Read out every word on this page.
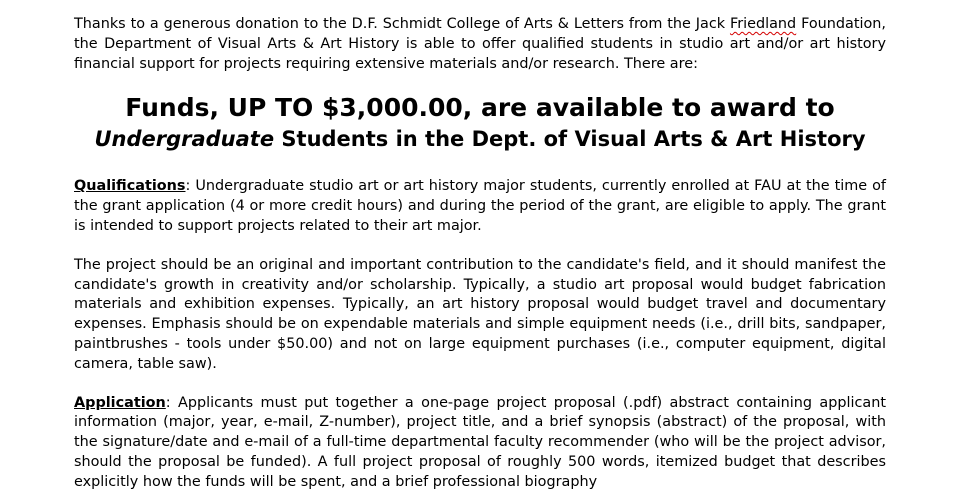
Thanks to a generous donation to the D.F. Schmidt College of Arts & Letters from the Jack Friedland Foundation, the Department of Visual Arts & Art History is able to offer qualified students in studio art and/or art history financial support for projects requiring extensive materials and/or research. There are:

Funds, UP TO $3,000.00, are available to award to
Undergraduate Students in the Dept. of Visual Arts & Art History

Qualifications: Undergraduate studio art or art history major students, currently enrolled at FAU at the time of the grant application (4 or more credit hours) and during the period of the grant, are eligible to apply. The grant is intended to support projects related to their art major.

The project should be an original and important contribution to the candidate's field, and it should manifest the candidate's growth in creativity and/or scholarship. Typically, a studio art proposal would budget fabrication materials and exhibition expenses. Typically, an art history proposal would budget travel and documentary expenses. Emphasis should be on expendable materials and simple equipment needs (i.e., drill bits, sandpaper, paintbrushes - tools under $50.00) and not on large equipment purchases (i.e., computer equipment, digital camera, table saw).

Application: Applicants must put together a one-page project proposal (.pdf) abstract containing applicant information (major, year, e-mail, Z-number), project title, and a brief synopsis (abstract) of the proposal, with the signature/date and e-mail of a full-time departmental faculty recommender (who will be the project advisor, should the proposal be funded). A full project proposal of roughly 500 words, itemized budget that describes explicitly how the funds will be spent, and a brief professional biography
